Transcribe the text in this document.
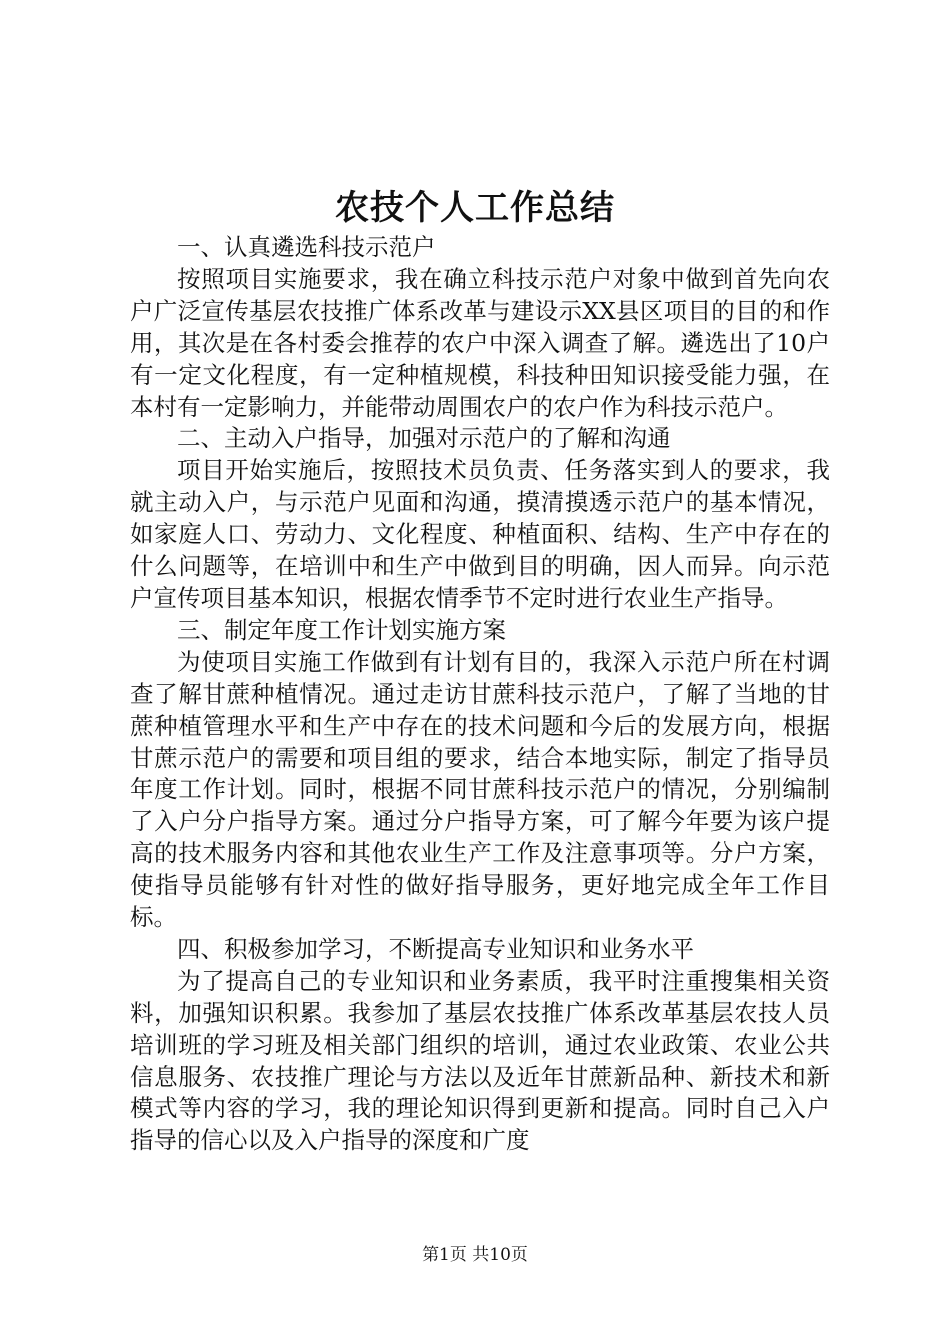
农技个人工作总结

一、认真遴选科技示范户

按照项目实施要求，我在确立科技示范户对象中做到首先向农户广泛宣传基层农技推广体系改革与建设示XX县区项目的目的和作用，其次是在各村委会推荐的农户中深入调查了解。遴选出了10户有一定文化程度，有一定种植规模，科技种田知识接受能力强，在本村有一定影响力，并能带动周围农户的农户作为科技示范户。

二、主动入户指导，加强对示范户的了解和沟通

项目开始实施后，按照技术员负责、任务落实到人的要求，我就主动入户，与示范户见面和沟通，摸清摸透示范户的基本情况，如家庭人口、劳动力、文化程度、种植面积、结构、生产中存在的什么问题等，在培训中和生产中做到目的明确，因人而异。向示范户宣传项目基本知识，根据农情季节不定时进行农业生产指导。

三、制定年度工作计划实施方案

为使项目实施工作做到有计划有目的，我深入示范户所在村调查了解甘蔗种植情况。通过走访甘蔗科技示范户，了解了当地的甘蔗种植管理水平和生产中存在的技术问题和今后的发展方向，根据甘蔗示范户的需要和项目组的要求，结合本地实际，制定了指导员年度工作计划。同时，根据不同甘蔗科技示范户的情况，分别编制了入户分户指导方案。通过分户指导方案，可了解今年要为该户提高的技术服务内容和其他农业生产工作及注意事项等。分户方案，使指导员能够有针对性的做好指导服务，更好地完成全年工作目标。

四、积极参加学习，不断提高专业知识和业务水平

为了提高自己的专业知识和业务素质，我平时注重搜集相关资料，加强知识积累。我参加了基层农技推广体系改革基层农技人员培训班的学习班及相关部门组织的培训，通过农业政策、农业公共信息服务、农技推广理论与方法以及近年甘蔗新品种、新技术和新模式等内容的学习，我的理论知识得到更新和提高。同时自己入户指导的信心以及入户指导的深度和广度

第1页 共10页
